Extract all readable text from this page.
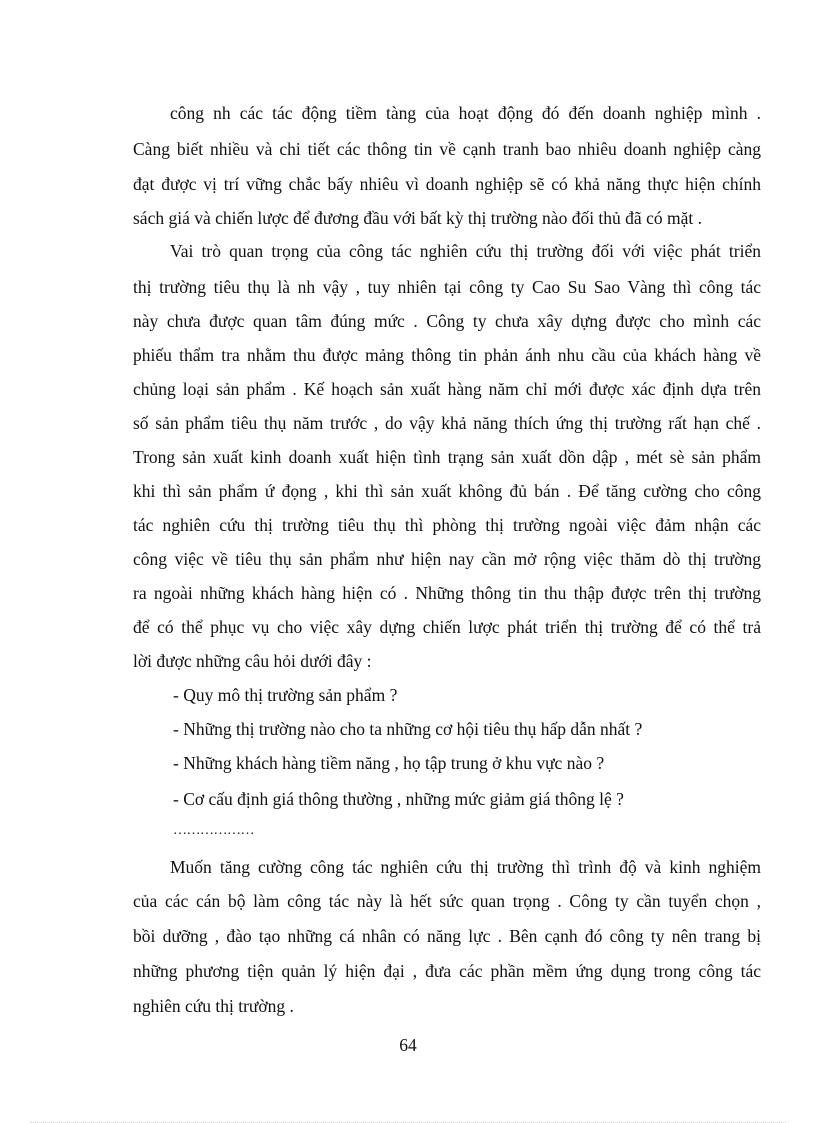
công nh các tác động tiềm tàng của hoạt động đó đến doanh nghiệp mình .
Càng biết nhiều và chi tiết các thông tin về cạnh tranh bao nhiêu doanh nghiệp càng
đạt được vị trí vững chắc bấy nhiêu vì doanh nghiệp sẽ có khả năng thực hiện chính
sách giá và chiến lược để đương đầu với bất kỳ thị trường nào đối thủ đã có mặt .
Vai trò quan trọng của công tác nghiên cứu thị trường đối với việc phát triển
thị trường tiêu thụ là nh vậy , tuy nhiên tại công ty Cao Su Sao Vàng thì công tác
này chưa được quan tâm đúng mức . Công ty chưa xây dựng được cho mình các
phiếu thẩm tra nhằm thu được mảng thông tin phản ánh nhu cầu của khách hàng về
chủng loại sản phẩm . Kế hoạch sản xuất hàng năm chỉ mới được xác định dựa trên
số sản phẩm tiêu thụ năm trước , do vậy khả năng thích ứng thị trường rất hạn chế .
Trong sản xuất kinh doanh xuất hiện tình trạng sản xuất dồn dập , mét sè sản phẩm
khi thì sản phẩm ứ đọng , khi thì sản xuất không đủ bán . Để tăng cường cho công
tác nghiên cứu thị trường tiêu thụ thì phòng thị trường ngoài việc đảm nhận các
công việc về tiêu thụ sản phẩm như hiện nay cần mở rộng việc thăm dò thị trường
ra ngoài những khách hàng hiện có . Những thông tin thu thập được trên thị trường
để có thể phục vụ cho việc xây dựng chiến lược phát triển thị trường để có thể trả
lời được những câu hỏi dưới đây :
- Quy mô thị trường sản phẩm ?
- Những thị trường nào cho ta những cơ hội tiêu thụ hấp dẫn nhất ?
- Những khách hàng tiềm năng , họ tập trung ở khu vực nào ?
- Cơ cấu định giá thông thường , những mức giảm giá thông lệ ?
………………
Muốn tăng cường công tác nghiên cứu thị trường thì trình độ và kinh nghiệm
của các cán bộ làm công tác này là hết sức quan trọng . Công ty cần tuyển chọn ,
bồi dưỡng , đào tạo những cá nhân có năng lực . Bên cạnh đó công ty nên trang bị
những phương tiện quản lý hiện đại , đưa các phần mềm ứng dụng trong công tác
nghiên cứu thị trường .
64
